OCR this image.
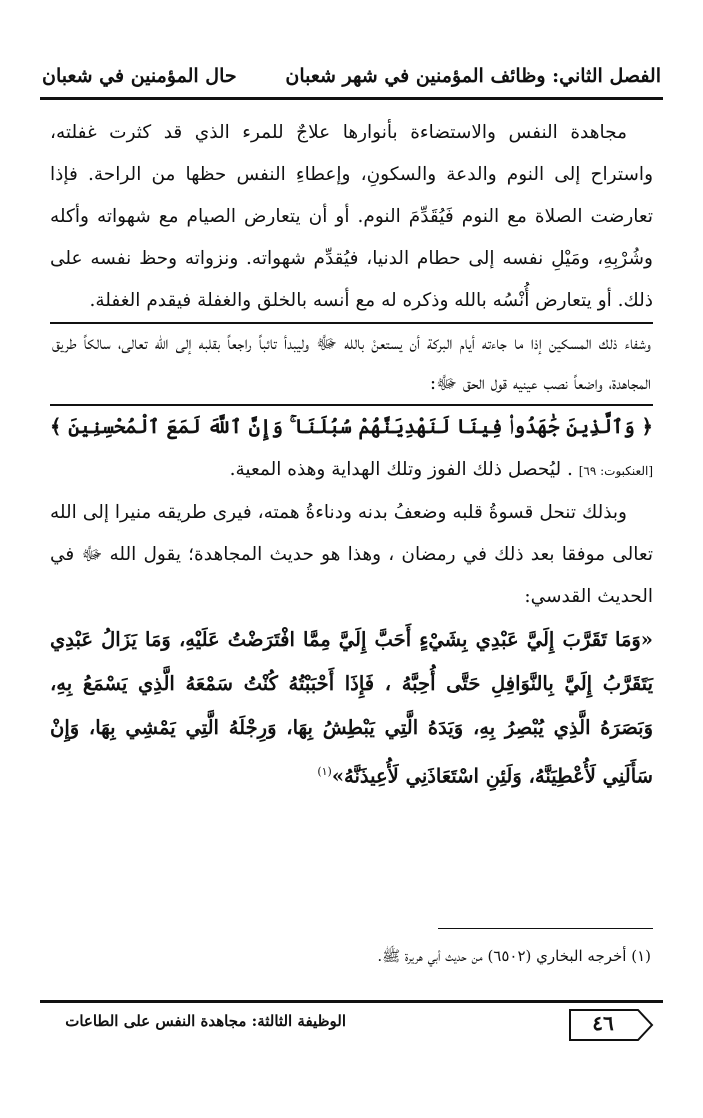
الفصل الثاني: وظائف المؤمنين في شهر شعبان
حال المؤمنين في شعبان

مجاهدة النفس والاستضاءة بأنوارها علاجٌ للمرء الذي قد كثرت غفلته، واستراح إلى النوم والدعة والسكونِ، وإعطاءِ النفس حظها من الراحة. فإذا تعارضت الصلاة مع النوم فَيُقَدِّمَ النوم. أو أن يتعارض الصيام مع شهواته وأكله وشُرْبِهِ، ومَيْلِ نفسه إلى حطام الدنيا، فيُقدِّم شهواته. ونزواته وحظ نفسه على ذلك. أو يتعارض أُنْسُه بالله وذكره له مع أنسه بالخلق والغفلة فيقدم الغفلة.

وشفاء ذلك المسكين إذا ما جاءته أيام البركة أن يستعنْ بالله ﷻ وليبدأ تائباً راجعاً بقلبه إلى الله تعالى، سالكاً طريق المجاهدة، واضعاً نصب عينيه قول الحق ﷻ:

﴿ وَٱلَّذِينَ جَٰهَدُوا۟ فِينَا لَنَهْدِيَنَّهُمْ سُبُلَنَا ۚ وَإِنَّ ٱللَّهَ لَمَعَ ٱلْمُحْسِنِينَ ﴾ [العنكبوت: ٦٩] . ليُحصل ذلك الفوز وتلك الهداية وهذه المعية.

وبذلك تنحل قسوةُ قلبه وضعفُ بدنه ودناءةُ همته، فيرى طريقه منيرا إلى الله تعالى موفقا بعد ذلك في رمضان ، وهذا هو حديث المجاهدة؛ يقول الله ﷻ في الحديث القدسي:

«وَمَا تَقَرَّبَ إِلَيَّ عَبْدِي بِشَيْءٍ أَحَبَّ إِلَيَّ مِمَّا افْتَرَضْتُ عَلَيْهِ، وَمَا يَزَالُ عَبْدِي يَتَقَرَّبُ إِلَيَّ بِالنَّوَافِلِ حَتَّى أُحِبَّهُ ، فَإِذَا أَحْبَبْتُهُ كُنْتُ سَمْعَهُ الَّذِي يَسْمَعُ بِهِ، وَبَصَرَهُ الَّذِي يُبْصِرُ بِهِ، وَيَدَهُ الَّتِي يَبْطِشُ بِهَا، وَرِجْلَهُ الَّتِي يَمْشِي بِهَا، وَإِنْ سَأَلَنِي لَأُعْطِيَنَّهُ، وَلَئِنِ اسْتَعَاذَنِي لَأُعِيذَنَّهُ»$^{(١)}$

(١) أخرجه البخاري (٦٥٠٢) من حديث أبي هريرة ﷺ.
الوظيفة الثالثة: مجاهدة النفس على الطاعات	٤٦
